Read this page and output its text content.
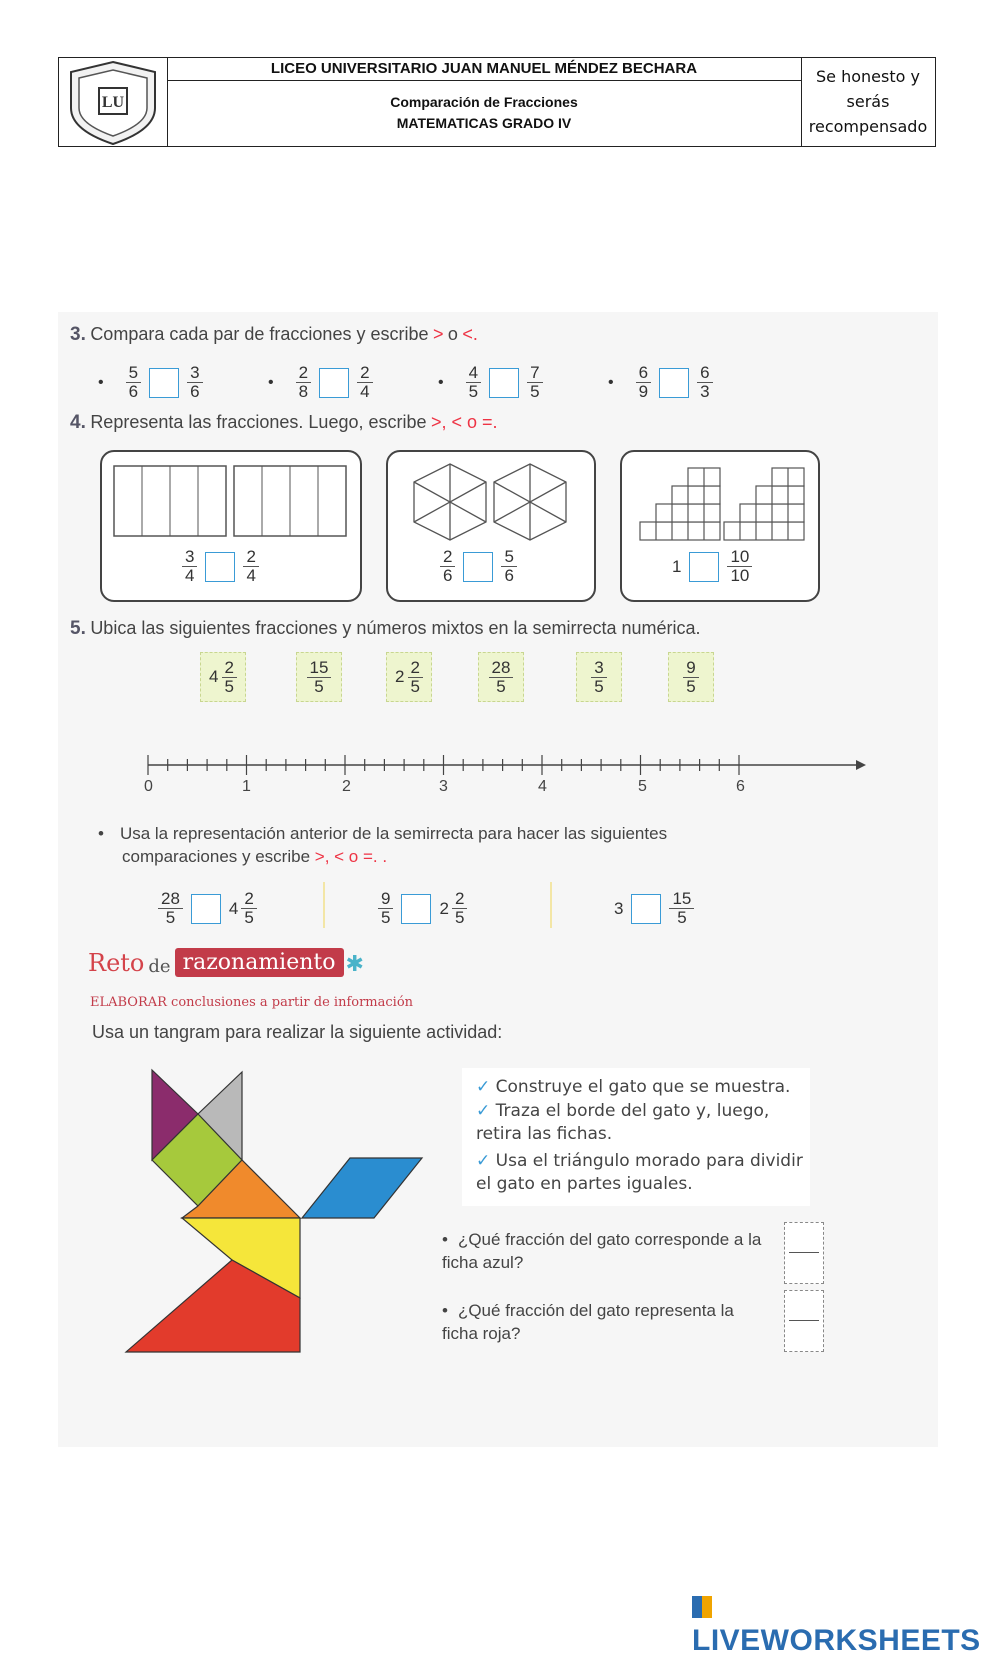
LU
LICEO UNIVERSITARIO JUAN MANUEL MÉNDEZ BECHARA
Comparación de Fracciones
MATEMATICAS GRADO IV
Se honesto y
serás
recompensado
3. Compara cada par de fracciones y escribe > o <.
• $\frac{5}{6}$	$\frac{3}{6}$	• $\frac{2}{8}$	$\frac{2}{4}$	• $\frac{4}{5}$	$\frac{7}{5}$	• $\frac{6}{9}$	$\frac{6}{3}$
4. Representa las fracciones. Luego, escribe >, < o =.
$\frac{3}{4}$	$\frac{2}{4}$	$\frac{2}{6}$	$\frac{5}{6}$	1	$\frac{10}{10}$
5. Ubica las siguientes fracciones y números mixtos en la semirrecta numérica.
$4 \frac{2}{5}$	$\frac{15}{5}$	$2 \frac{2}{5}$	$\frac{28}{5}$	$\frac{3}{5}$	$\frac{9}{5}$
0	1	2	3	4	5	6
• Usa la representación anterior de la semirrecta para hacer las siguientes
comparaciones y escribe >, < o =. .
$\frac{28}{5}$	$4 \frac{2}{5}$	$\frac{9}{5}$	$2 \frac{2}{5}$	3	$\frac{15}{5}$
Reto de razonamiento ✱
ELABORAR conclusiones a partir de información
Usa un tangram para realizar la siguiente actividad:
✓ Construye el gato que se muestra.
✓ Traza el borde del gato y, luego, retira las fichas.
✓ Usa el triángulo morado para dividir el gato en partes iguales.
• ¿Qué fracción del gato corresponde a la ficha azul?
• ¿Qué fracción del gato representa la ficha roja?
LIVEWORKSHEETS
